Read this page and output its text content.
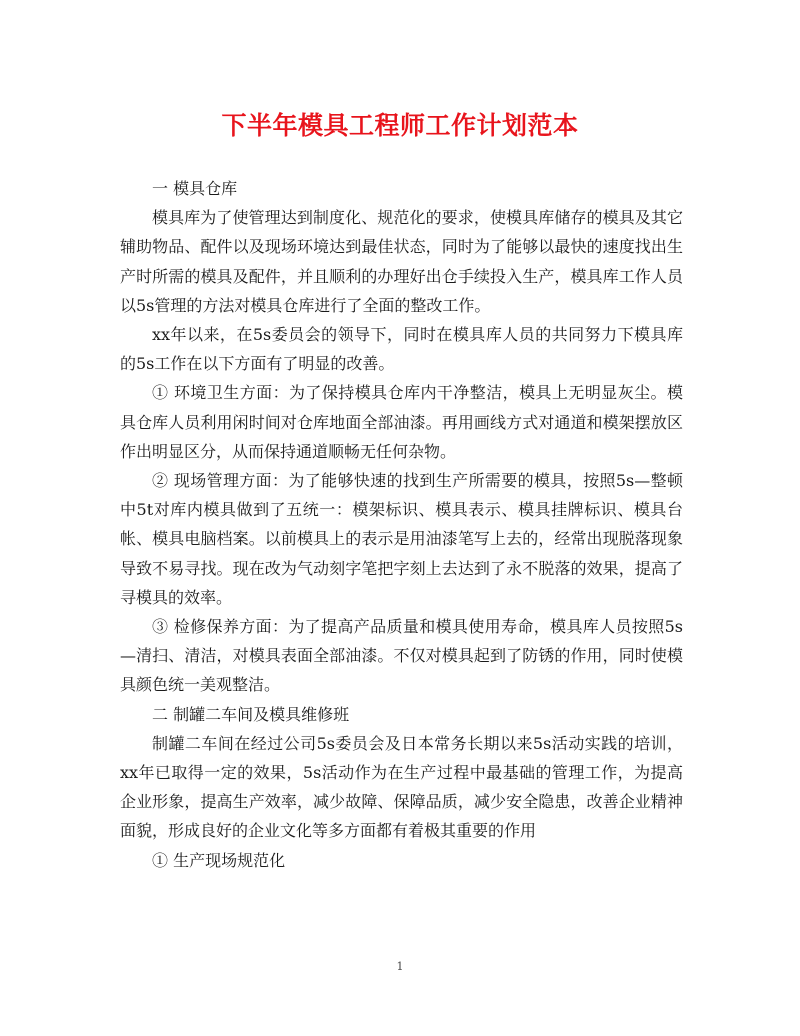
下半年模具工程师工作计划范本

一 模具仓库

模具库为了使管理达到制度化、规范化的要求，使模具库储存的模具及其它辅助物品、配件以及现场环境达到最佳状态，同时为了能够以最快的速度找出生产时所需的模具及配件，并且顺利的办理好出仓手续投入生产，模具库工作人员以5s管理的方法对模具仓库进行了全面的整改工作。

xx年以来，在5s委员会的领导下，同时在模具库人员的共同努力下模具库的5s工作在以下方面有了明显的改善。

① 环境卫生方面：为了保持模具仓库内干净整洁，模具上无明显灰尘。模具仓库人员利用闲时间对仓库地面全部油漆。再用画线方式对通道和模架摆放区作出明显区分，从而保持通道顺畅无任何杂物。

② 现场管理方面：为了能够快速的找到生产所需要的模具，按照5s—整顿中5t对库内模具做到了五统一：模架标识、模具表示、模具挂牌标识、模具台帐、模具电脑档案。以前模具上的表示是用油漆笔写上去的，经常出现脱落现象导致不易寻找。现在改为气动刻字笔把字刻上去达到了永不脱落的效果，提高了寻模具的效率。

③ 检修保养方面：为了提高产品质量和模具使用寿命，模具库人员按照5s—清扫、清洁，对模具表面全部油漆。不仅对模具起到了防锈的作用，同时使模具颜色统一美观整洁。

二 制罐二车间及模具维修班

制罐二车间在经过公司5s委员会及日本常务长期以来5s活动实践的培训，xx年已取得一定的效果，5s活动作为在生产过程中最基础的管理工作，为提高企业形象，提高生产效率，减少故障、保障品质，减少安全隐患，改善企业精神面貌，形成良好的企业文化等多方面都有着极其重要的作用

① 生产现场规范化

1
